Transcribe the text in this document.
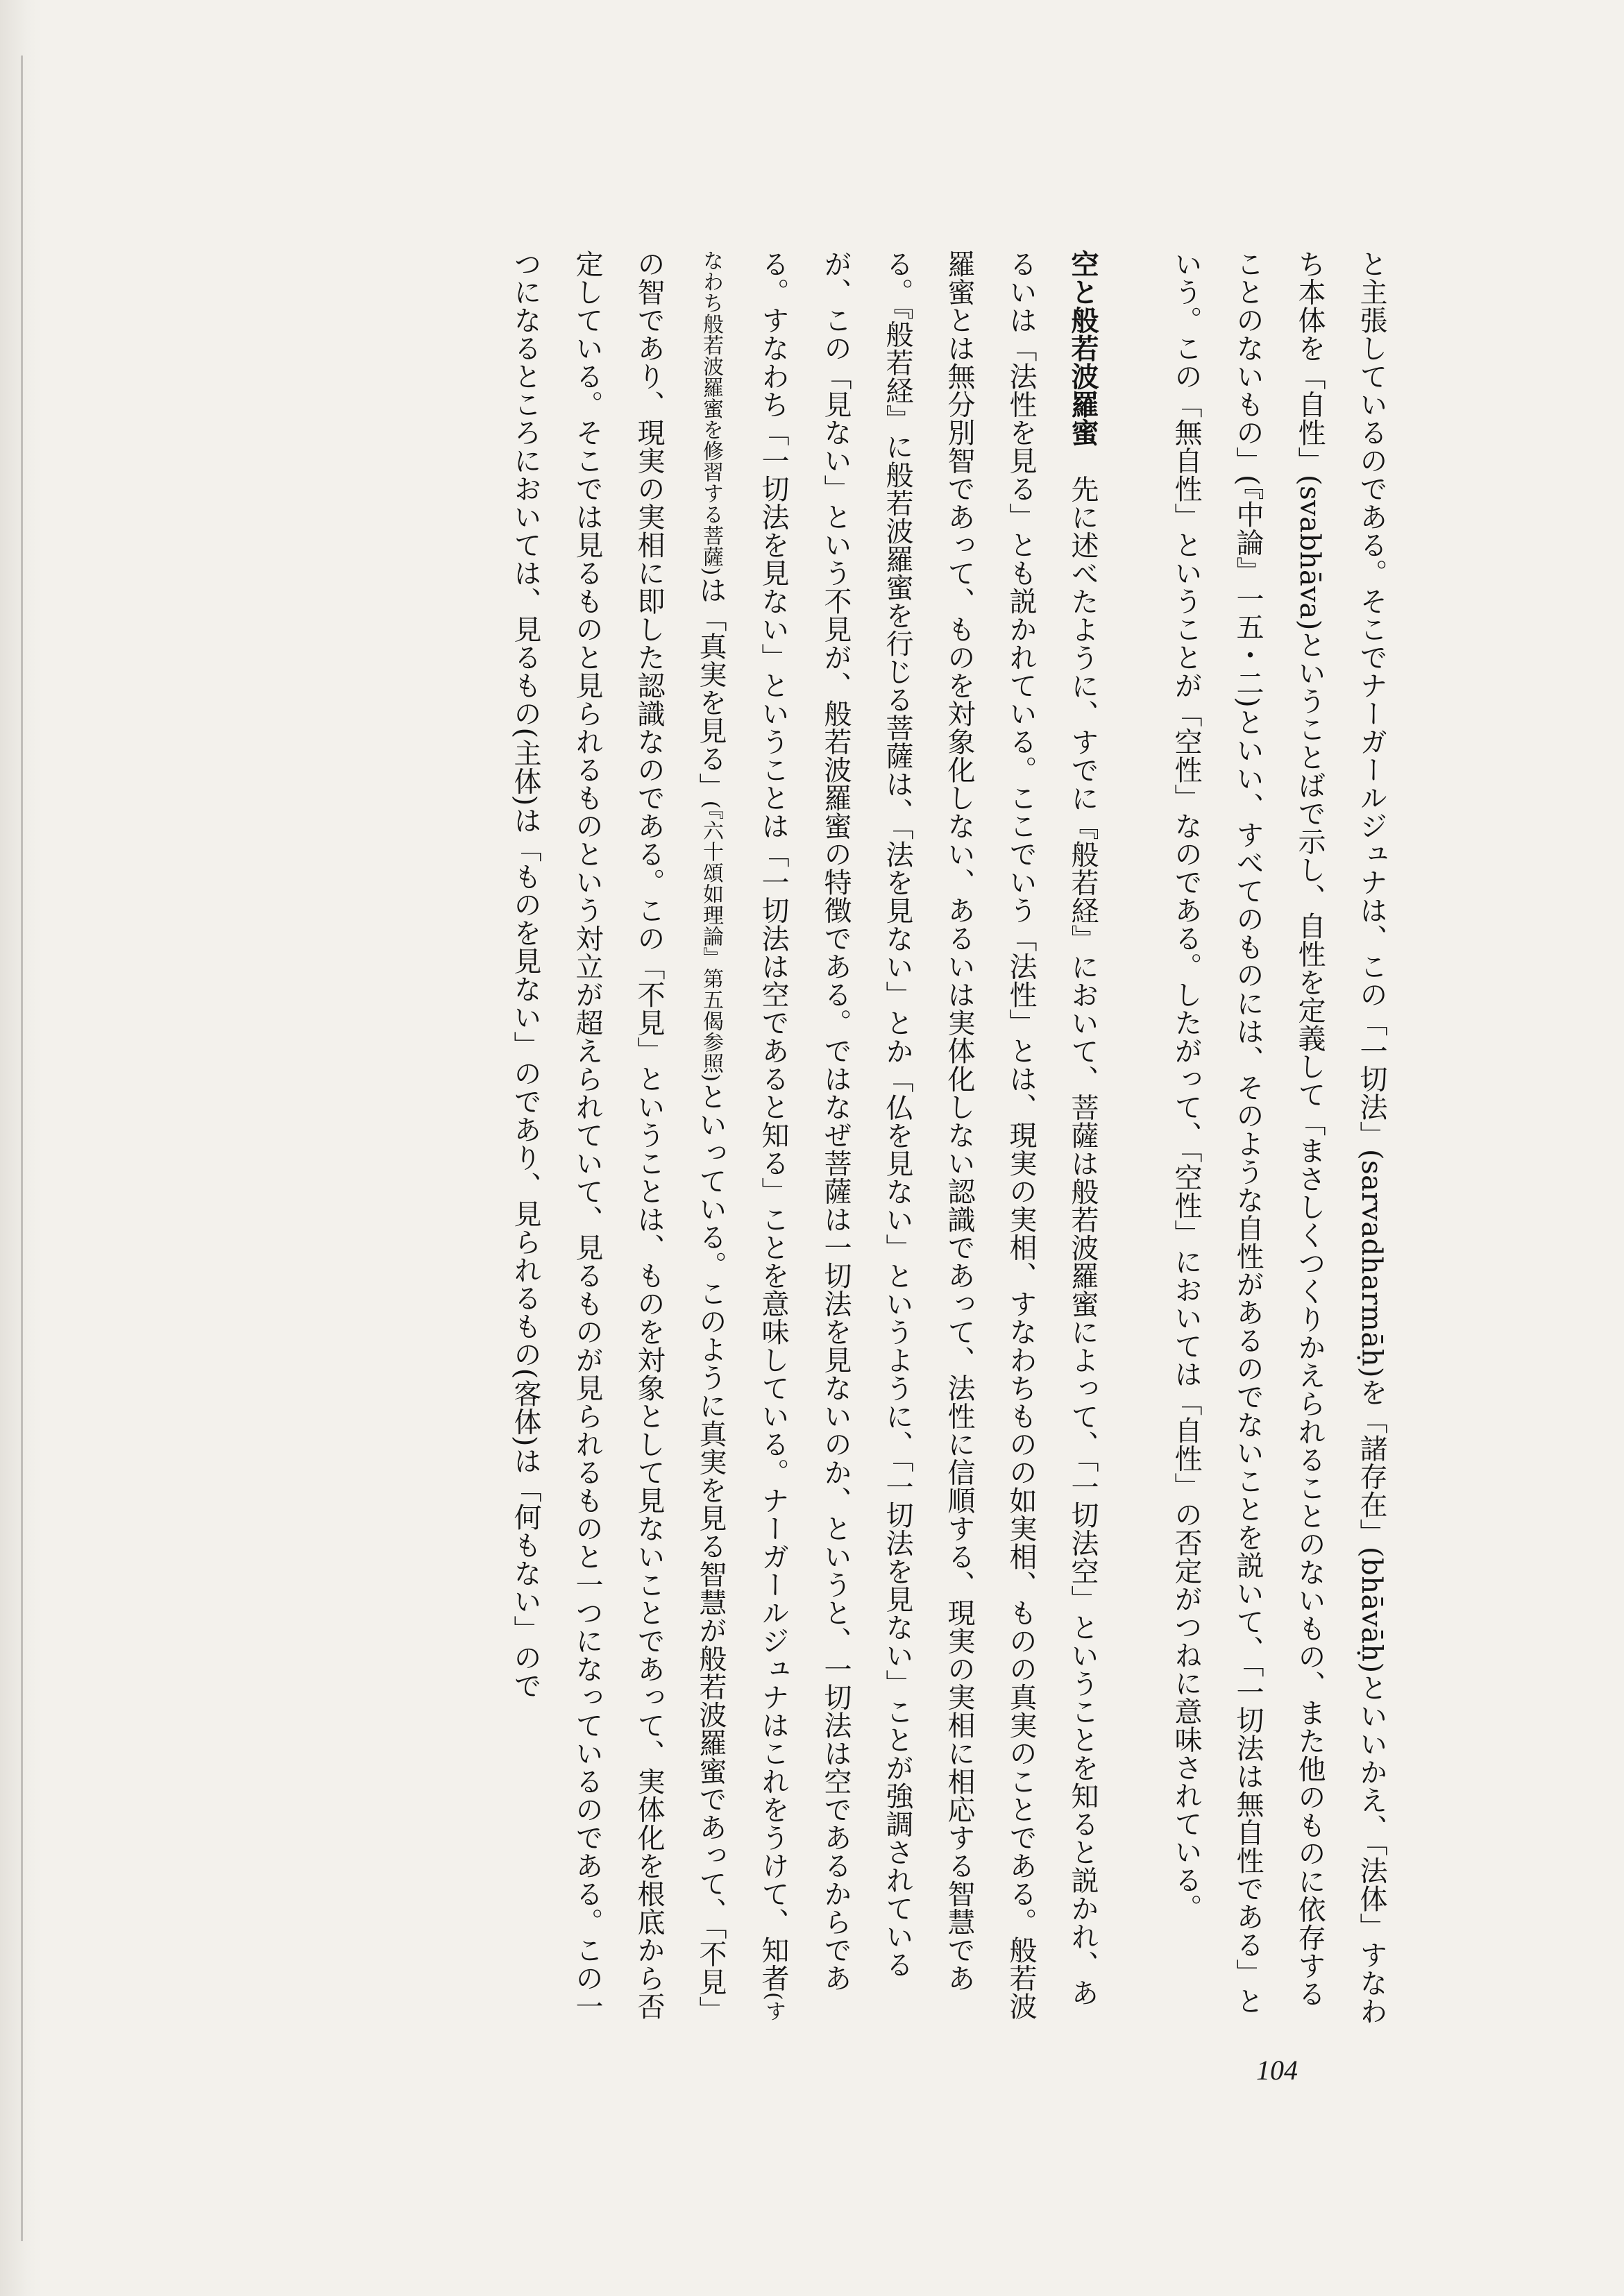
と主張しているのである。そこでナーガールジュナは、この「一切法」(sarvadharmāḥ)を「諸存在」(bhāvāḥ)といいかえ、「法体」すなわち本体を「自性」(svabhāva)ということばで示し、自性を定義して「まさしくつくりかえられることのないもの、また他のものに依存することのないもの」(『中論』一五・二)といい、すべてのものには、そのような自性があるのでないことを説いて、「一切法は無自性である」という。この「無自性」ということが「空性」なのである。したがって、「空性」においては「自性」の否定がつねに意味されている。

空と般若波羅蜜　先に述べたように、すでに『般若経』において、菩薩は般若波羅蜜によって、「一切法空」ということを知ると説かれ、あるいは「法性を見る」とも説かれている。ここでいう「法性」とは、現実の実相、すなわちものの如実相、ものの真実のことである。般若波羅蜜とは無分別智であって、ものを対象化しない、あるいは実体化しない認識であって、法性に信順する、現実の実相に相応する智慧である。『般若経』に般若波羅蜜を行じる菩薩は、「法を見ない」とか「仏を見ない」というように、「一切法を見ない」ことが強調されているが、この「見ない」という不見が、般若波羅蜜の特徴である。ではなぜ菩薩は一切法を見ないのか、というと、一切法は空であるからである。すなわち「一切法を見ない」ということは「一切法は空であると知る」ことを意味している。ナーガールジュナはこれをうけて、知者(すなわち般若波羅蜜を修習する菩薩)は「真実を見る」(『六十頌如理論』第五偈参照)といっている。このように真実を見る智慧が般若波羅蜜であって、「不見」の智であり、現実の実相に即した認識なのである。この「不見」ということは、ものを対象として見ないことであって、実体化を根底から否定している。そこでは見るものと見られるものという対立が超えられていて、見るものが見られるものと一つになっているのである。この一つになるところにおいては、見るもの(主体)は「ものを見ない」のであり、見られるもの(客体)は「何もない」ので

104
